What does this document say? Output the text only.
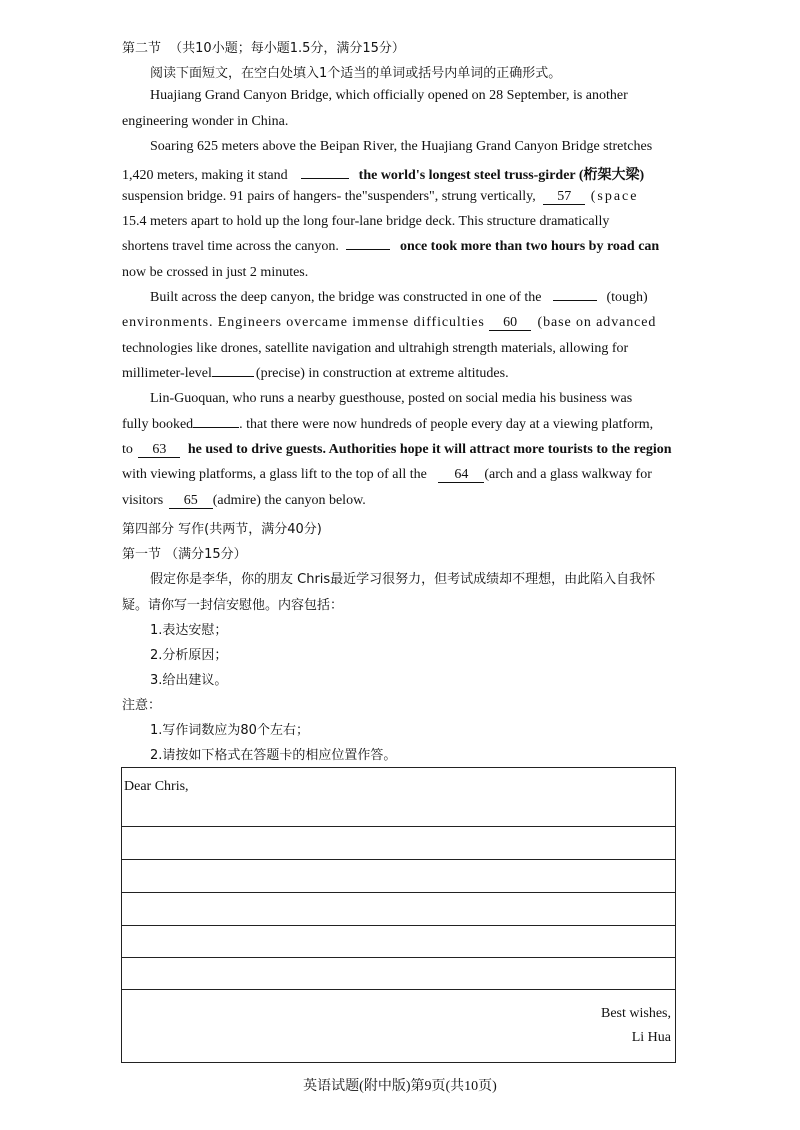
第二节 （共10小题；每小题1.5分，满分15分）
阅读下面短文，在空白处填入1个适当的单词或括号内单词的正确形式。
Huajiang Grand Canyon Bridge, which officially opened on 28 September, is another
engineering wonder in China.
Soaring 625 meters above the Beipan River, the Huajiang Grand Canyon Bridge stretches
1,420 meters, making it stand	the world's longest steel truss-girder (桁架大梁)
suspension bridge. 91 pairs of hangers- the"suspenders", strung vertically, 57 (space
15.4 meters apart to hold up the long four-lane bridge deck. This structure dramatically
shortens travel time across the canyon.	once took more than two hours by road can
now be crossed in just 2 minutes.
Built across the deep canyon, the bridge was constructed in one of the	(tough)
environments. Engineers overcame immense difficulties 60 (base on advanced
technologies like drones, satellite navigation and ultrahigh strength materials, allowing for
millimeter-level	(precise) in construction at extreme altitudes.
Lin-Guoquan, who runs a nearby guesthouse, posted on social media his business was
fully booked	. that there were now hundreds of people every day at a viewing platform,
to 63 he used to drive guests. Authorities hope it will attract more tourists to the region
with viewing platforms, a glass lift to the top of all the 64 (arch and a glass walkway for
visitors 65 (admire) the canyon below.
第四部分 写作(共两节，满分40分)
第一节 （满分15分）
假定你是李华，你的朋友 Chris最近学习很努力，但考试成绩却不理想，由此陷入自我怀
疑。请你写一封信安慰他。内容包括：
1.表达安慰；
2.分析原因；
3.给出建议。
注意：
1.写作词数应为80个左右；
2.请按如下格式在答题卡的相应位置作答。
Dear Chris,
Best wishes,
Li Hua
英语试题(附中版)第9页(共10页)
